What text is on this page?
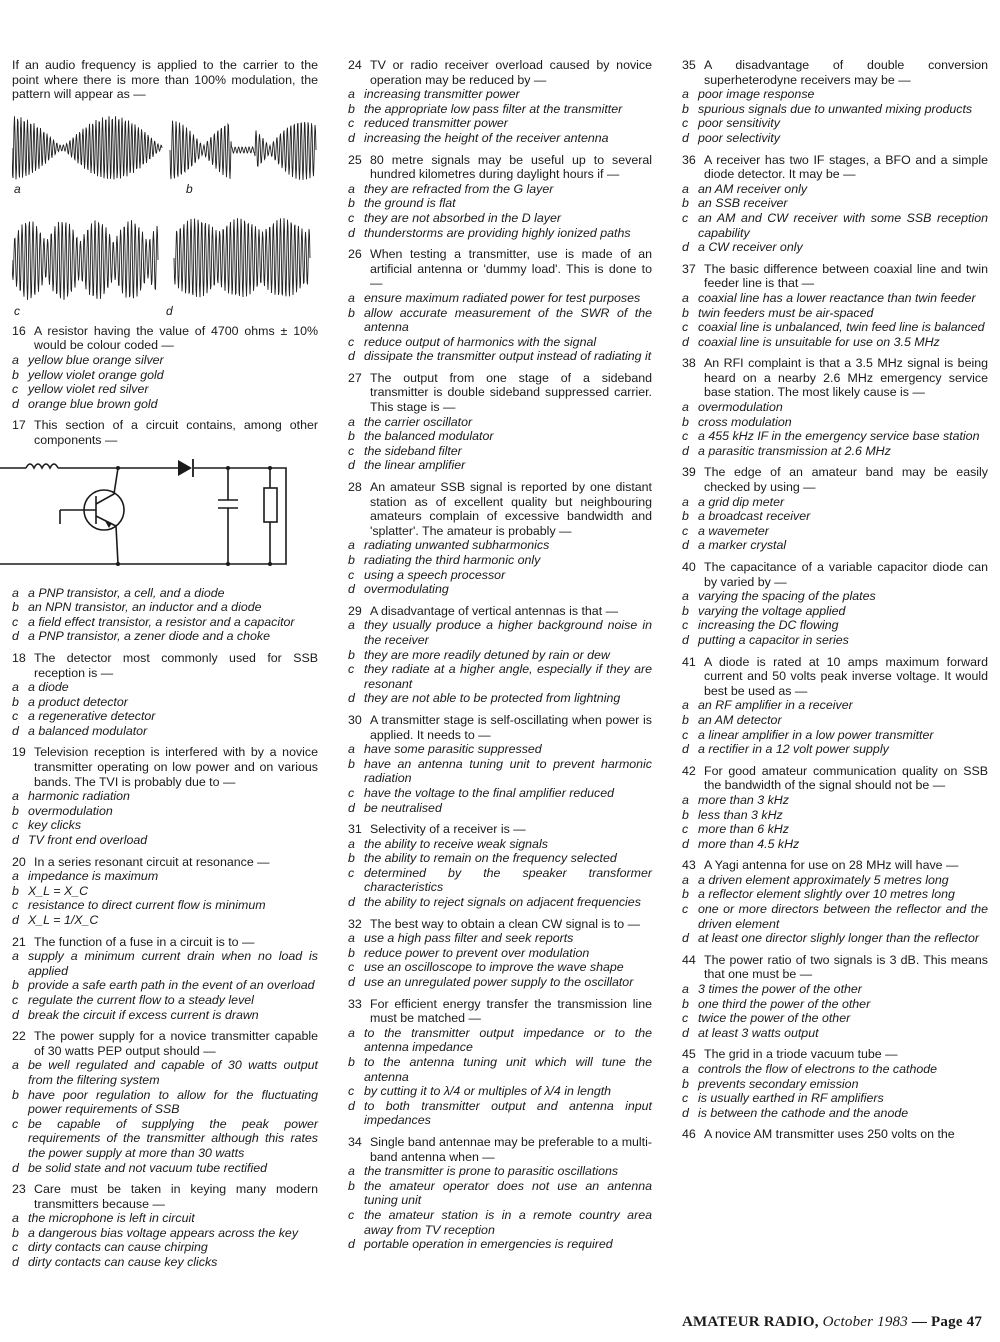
If an audio frequency is applied to the carrier to the point where there is more than 100% modulation, the pattern will appear as —
a	b
c	d
16 A resistor having the value of 4700 ohms ± 10% would be colour coded —
a yellow blue orange silver
b yellow violet orange gold
c yellow violet red silver
d orange blue brown gold
17 This section of a circuit contains, among other components —
a a PNP transistor, a cell, and a diode
b an NPN transistor, an inductor and a diode
c a field effect transistor, a resistor and a capacitor
d a PNP transistor, a zener diode and a choke
18 The detector most commonly used for SSB reception is —
a a diode
b a product detector
c a regenerative detector
d a balanced modulator
19 Television reception is interfered with by a novice transmitter operating on low power and on various bands. The TVI is probably due to —
a harmonic radiation
b overmodulation
c key clicks
d TV front end overload
20 In a series resonant circuit at resonance —
a impedance is maximum
b X_L = X_C
c resistance to direct current flow is minimum
d X_L = 1/X_C
21 The function of a fuse in a circuit is to —
a supply a minimum current drain when no load is applied
b provide a safe earth path in the event of an overload
c regulate the current flow to a steady level
d break the circuit if excess current is drawn
22 The power supply for a novice transmitter capable of 30 watts PEP output should —
a be well regulated and capable of 30 watts output from the filtering system
b have poor regulation to allow for the fluctuating power requirements of SSB
c be capable of supplying the peak power requirements of the transmitter although this rates the power supply at more than 30 watts
d be solid state and not vacuum tube rectified
23 Care must be taken in keying many modern transmitters because —
a the microphone is left in circuit
b a dangerous bias voltage appears across the key
c dirty contacts can cause chirping
d dirty contacts can cause key clicks
24 TV or radio receiver overload caused by novice operation may be reduced by —
a increasing transmitter power
b the appropriate low pass filter at the transmitter
c reduced transmitter power
d increasing the height of the receiver antenna
25 80 metre signals may be useful up to several hundred kilometres during daylight hours if —
a they are refracted from the G layer
b the ground is flat
c they are not absorbed in the D layer
d thunderstorms are providing highly ionized paths
26 When testing a transmitter, use is made of an artificial antenna or 'dummy load'. This is done to —
a ensure maximum radiated power for test purposes
b allow accurate measurement of the SWR of the antenna
c reduce output of harmonics with the signal
d dissipate the transmitter output instead of radiating it
27 The output from one stage of a sideband transmitter is double sideband suppressed carrier. This stage is —
a the carrier oscillator
b the balanced modulator
c the sideband filter
d the linear amplifier
28 An amateur SSB signal is reported by one distant station as of excellent quality but neighbouring amateurs complain of excessive bandwidth and 'splatter'. The amateur is probably —
a radiating unwanted subharmonics
b radiating the third harmonic only
c using a speech processor
d overmodulating
29 A disadvantage of vertical antennas is that —
a they usually produce a higher background noise in the receiver
b they are more readily detuned by rain or dew
c they radiate at a higher angle, especially if they are resonant
d they are not able to be protected from lightning
30 A transmitter stage is self-oscillating when power is applied. It needs to —
a have some parasitic suppressed
b have an antenna tuning unit to prevent harmonic radiation
c have the voltage to the final amplifier reduced
d be neutralised
31 Selectivity of a receiver is —
a the ability to receive weak signals
b the ability to remain on the frequency selected
c determined by the speaker transformer characteristics
d the ability to reject signals on adjacent frequencies
32 The best way to obtain a clean CW signal is to —
a use a high pass filter and seek reports
b reduce power to prevent over modulation
c use an oscilloscope to improve the wave shape
d use an unregulated power supply to the oscillator
33 For efficient energy transfer the transmission line must be matched —
a to the transmitter output impedance or to the antenna impedance
b to the antenna tuning unit which will tune the antenna
c by cutting it to λ/4 or multiples of λ/4 in length
d to both transmitter output and antenna input impedances
34 Single band antennae may be preferable to a multi-band antenna when —
a the transmitter is prone to parasitic oscillations
b the amateur operator does not use an antenna tuning unit
c the amateur station is in a remote country area away from TV reception
d portable operation in emergencies is required
35 A disadvantage of double conversion superheterodyne receivers may be —
a poor image response
b spurious signals due to unwanted mixing products
c poor sensitivity
d poor selectivity
36 A receiver has two IF stages, a BFO and a simple diode detector. It may be —
a an AM receiver only
b an SSB receiver
c an AM and CW receiver with some SSB reception capability
d a CW receiver only
37 The basic difference between coaxial line and twin feeder line is that —
a coaxial line has a lower reactance than twin feeder
b twin feeders must be air-spaced
c coaxial line is unbalanced, twin feed line is balanced
d coaxial line is unsuitable for use on 3.5 MHz
38 An RFI complaint is that a 3.5 MHz signal is being heard on a nearby 2.6 MHz emergency service base station. The most likely cause is —
a overmodulation
b cross modulation
c a 455 kHz IF in the emergency service base station
d a parasitic transmission at 2.6 MHz
39 The edge of an amateur band may be easily checked by using —
a a grid dip meter
b a broadcast receiver
c a wavemeter
d a marker crystal
40 The capacitance of a variable capacitor diode can by varied by —
a varying the spacing of the plates
b varying the voltage applied
c increasing the DC flowing
d putting a capacitor in series
41 A diode is rated at 10 amps maximum forward current and 50 volts peak inverse voltage. It would best be used as —
a an RF amplifier in a receiver
b an AM detector
c a linear amplifier in a low power transmitter
d a rectifier in a 12 volt power supply
42 For good amateur communication quality on SSB the bandwidth of the signal should not be —
a more than 3 kHz
b less than 3 kHz
c more than 6 kHz
d more than 4.5 kHz
43 A Yagi antenna for use on 28 MHz will have —
a a driven element approximately 5 metres long
b a reflector element slightly over 10 metres long
c one or more directors between the reflector and the driven element
d at least one director slighly longer than the reflector
44 The power ratio of two signals is 3 dB. This means that one must be —
a 3 times the power of the other
b one third the power of the other
c twice the power of the other
d at least 3 watts output
45 The grid in a triode vacuum tube —
a controls the flow of electrons to the cathode
b prevents secondary emission
c is usually earthed in RF amplifiers
d is between the cathode and the anode
46 A novice AM transmitter uses 250 volts on the
AMATEUR RADIO, October 1983 — Page 47
